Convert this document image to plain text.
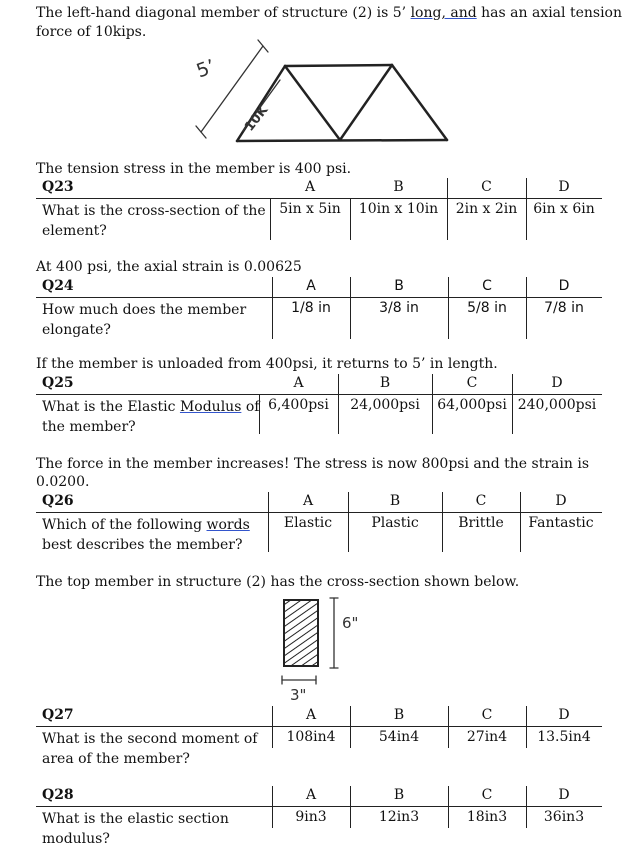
The left-hand diagonal member of structure (2) is 5’ long, and has an axial tension
force of 10kips.
5’
10K
The tension stress in the member is 400 psi.
Q23
What is the cross-section of the element?
A	B	C	D
5in x 5in	10in x 10in	2in x 2in	6in x 6in
At 400 psi, the axial strain is 0.00625
Q24
How much does the member elongate?
A	B	C	D
1/8 in	3/8 in	5/8 in	7/8 in
If the member is unloaded from 400psi, it returns to 5’ in length.
Q25
What is the Elastic Modulus of the member?
A	B	C	D
6,400psi	24,000psi	64,000psi 240,000psi
The force in the member increases! The stress is now 800psi and the strain is
0.0200.
Q26
Which of the following words best describes the member?
A	B	C	D
Elastic	Plastic	Brittle	Fantastic
The top member in structure (2) has the cross-section shown below.
6"
3"
Q27
What is the second moment of area of the member?
A	B	C	D
108in4	54in4	27in4	13.5in4
Q28
What is the elastic section modulus?
A	B	C	D
9in3	12in3	18in3	36in3
